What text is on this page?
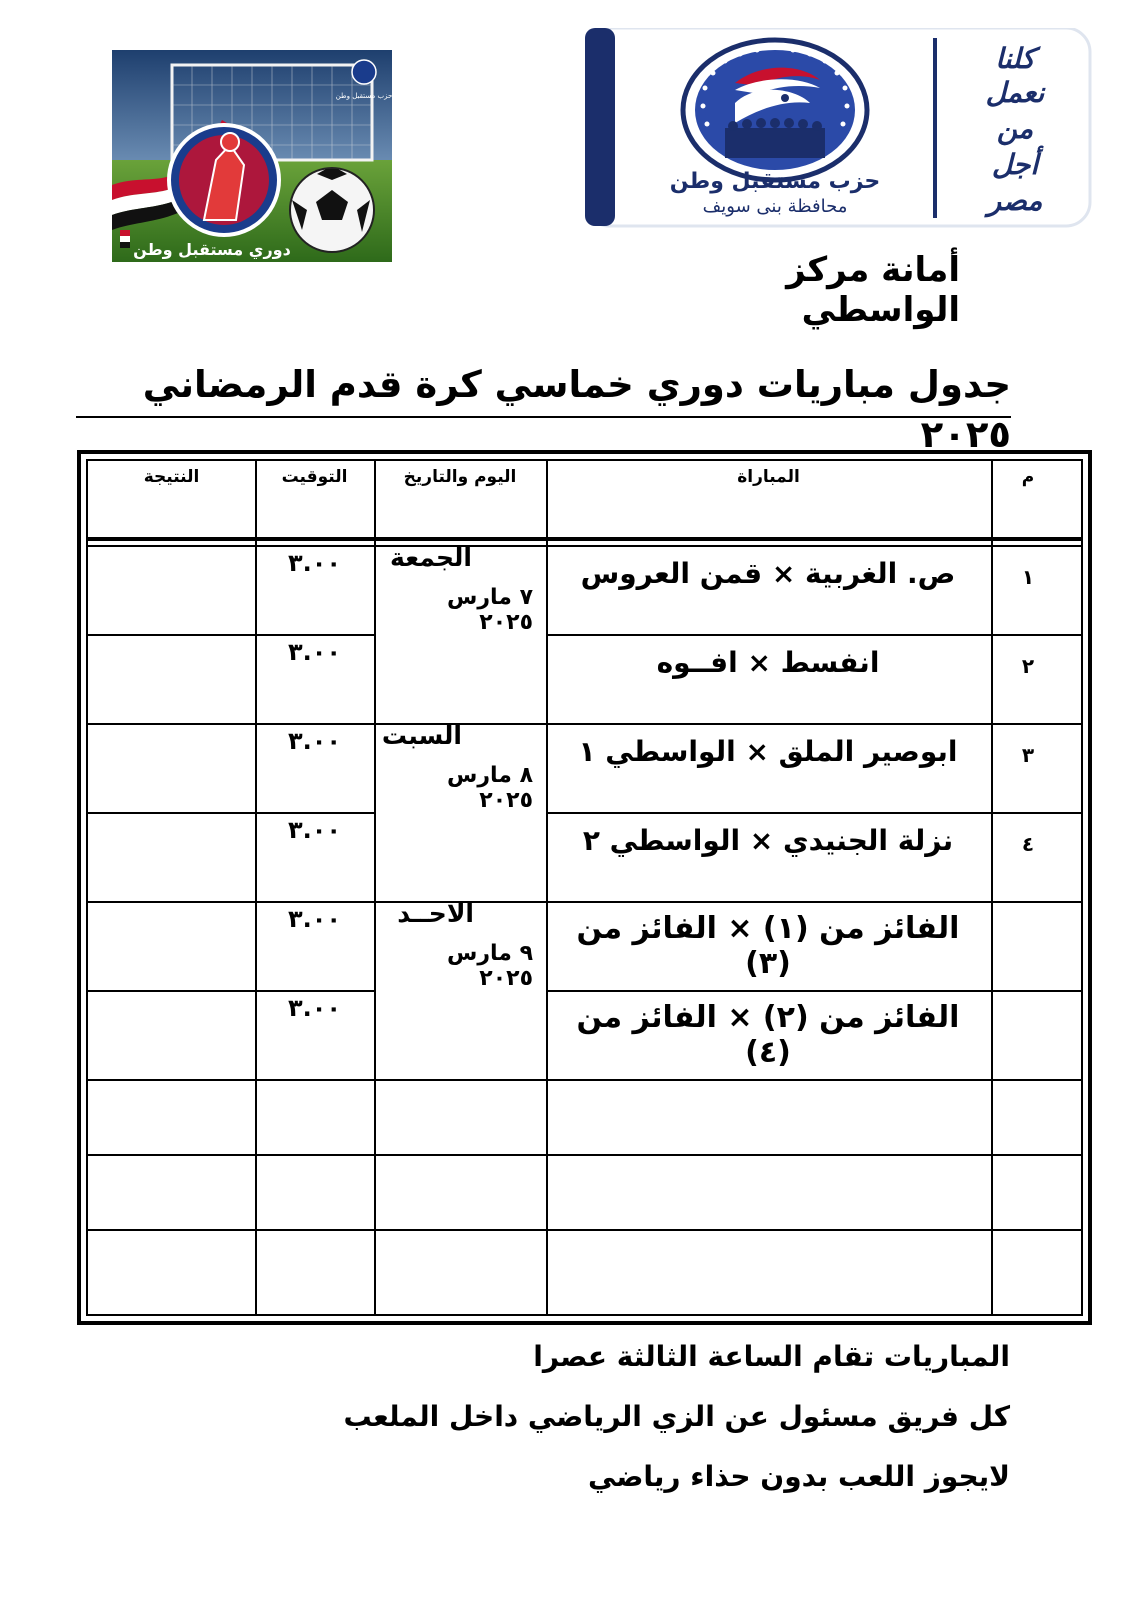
حزب مستقبل وطن
دوري مستقبل وطن
حزب مستقبل وطن
محافظة بنى سويف
كلنا
نعمل
من
أجل
مصر
أمانة مركز الواسطي
جدول مباريات دوري خماسي كرة قدم الرمضاني ٢٠٢٥
م
المباراة
اليوم والتاريخ
التوقيت
النتيجة
١
ص. الغربية × قمن العروس
٣.٠٠
٢
انفسط × افــوه
٣.٠٠
٣
ابوصير الملق × الواسطي ١
٣.٠٠
٤
نزلة الجنيدي × الواسطي ٢
٣.٠٠
الفائز من (١) × الفائز من (٣)
٣.٠٠
الفائز من (٢) × الفائز من (٤)
٣.٠٠
الجمعة
٧ مارس ٢٠٢٥
السبت
٨ مارس ٢٠٢٥
الاحــد
٩ مارس ٢٠٢٥
المباريات تقام الساعة الثالثة عصرا
كل فريق مسئول عن الزي الرياضي داخل الملعب
لايجوز اللعب بدون حذاء رياضي
